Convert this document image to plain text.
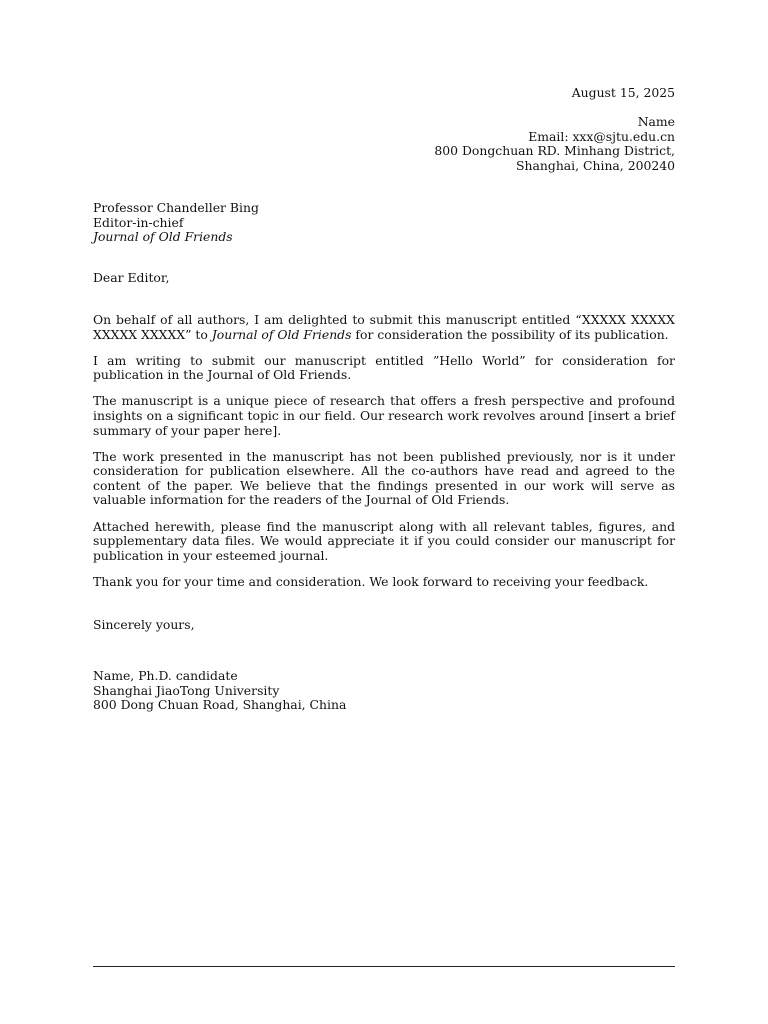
August 15, 2025
Name
Email: xxx@sjtu.edu.cn
800 Dongchuan RD. Minhang District,
Shanghai, China, 200240
Professor Chandeller Bing
Editor-in-chief
Journal of Old Friends
Dear Editor,

On behalf of all authors, I am delighted to submit this manuscript entitled “XXXXX XXXXX XXXXX XXXXX” to Journal of Old Friends for consideration the possibility of its publication.

I am writing to submit our manuscript entitled ”Hello World” for consideration for publication in the Journal of Old Friends.

The manuscript is a unique piece of research that offers a fresh perspective and profound insights on a significant topic in our field. Our research work revolves around [insert a brief summary of your paper here].

The work presented in the manuscript has not been published previously, nor is it under consideration for publication elsewhere. All the co-authors have read and agreed to the content of the paper. We believe that the findings presented in our work will serve as valuable information for the readers of the Journal of Old Friends.

Attached herewith, please find the manuscript along with all relevant tables, figures, and supplementary data files. We would appreciate it if you could consider our manuscript for publication in your esteemed journal.

Thank you for your time and consideration. We look forward to receiving your feedback.

Sincerely yours,
Name, Ph.D. candidate
Shanghai JiaoTong University
800 Dong Chuan Road, Shanghai, China
